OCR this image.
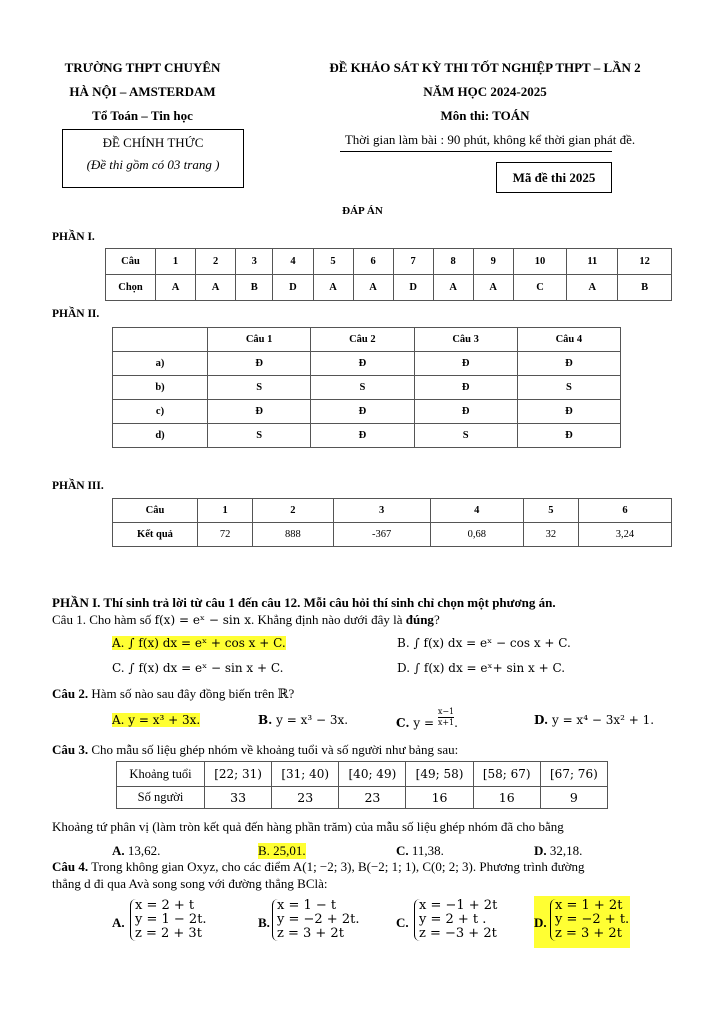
TRƯỜNG THPT CHUYÊN
HÀ NỘI – AMSTERDAM
Tổ Toán – Tin học
ĐỀ CHÍNH THỨC
(Đề thi gồm có 03 trang )
ĐỀ KHẢO SÁT KỲ THI TỐT NGHIỆP THPT – LẦN 2
NĂM HỌC 2024-2025
Môn thi: TOÁN
Thời gian làm bài : 90 phút, không kể thời gian phát đề.
Mã đề thi 2025
ĐÁP ÁN
PHẦN I.
Câu	1	2	3	4	5	6	7	8	9	10	11	12
Chọn	A	A	B	D	A	A	D	A	A	C	A	B
PHẦN II.
	Câu 1	Câu 2	Câu 3	Câu 4
a)	Đ	Đ	Đ	Đ
b)	S	S	Đ	S
c)	Đ	Đ	Đ	Đ
d)	S	Đ	S	Đ
PHẦN III.
Câu	1	2	3	4	5	6
Kết quả	72	888	-367	0,68	32	3,24
PHẦN I. Thí sinh trả lời từ câu 1 đến câu 12. Mỗi câu hỏi thí sinh chỉ chọn một phương án.
Câu 1. Cho hàm số f(x) = eˣ − sin x. Khẳng định nào dưới đây là đúng?
A. ∫ f(x) dx = eˣ + cos x + C.	B. ∫ f(x) dx = eˣ − cos x + C.
C. ∫ f(x) dx = eˣ − sin x + C.	D. ∫ f(x) dx = eˣ+ sin x + C.
Câu 2. Hàm số nào sau đây đồng biến trên ℝ?
A. y = x³ + 3x.	B. y = x³ − 3x.	C. $y = \frac{x-1}{x+1}$ .	D. y = x⁴ − 3x² + 1.
Câu 3. Cho mẫu số liệu ghép nhóm về khoảng tuổi và số người như bảng sau:
Khoảng tuổi	[22; 31)	[31; 40)	[40; 49)	[49; 58)	[58; 67)	[67; 76)
Số người	33	23	23	16	16	9
Khoảng tứ phân vị (làm tròn kết quả đến hàng phần trăm) của mẫu số liệu ghép nhóm đã cho bằng
A. 13,62.	B. 25,01.	C. 11,38.	D. 32,18.
Câu 4. Trong không gian Oxyz, cho các điểm A(1; −2; 3), B(−2; 1; 1), C(0; 2; 3). Phương trình đường
thẳng d đi qua Avà song song với đường thẳng BClà:
A.
x = 2 + t
y = 1 − 2t.
z = 2 + 3t
B.
x = 1 − t
y = −2 + 2t.
z = 3 + 2t
C.
x = −1 + 2t
y = 2 + t .
z = −3 + 2t
D.
x = 1 + 2t
y = −2 + t.
z = 3 + 2t
